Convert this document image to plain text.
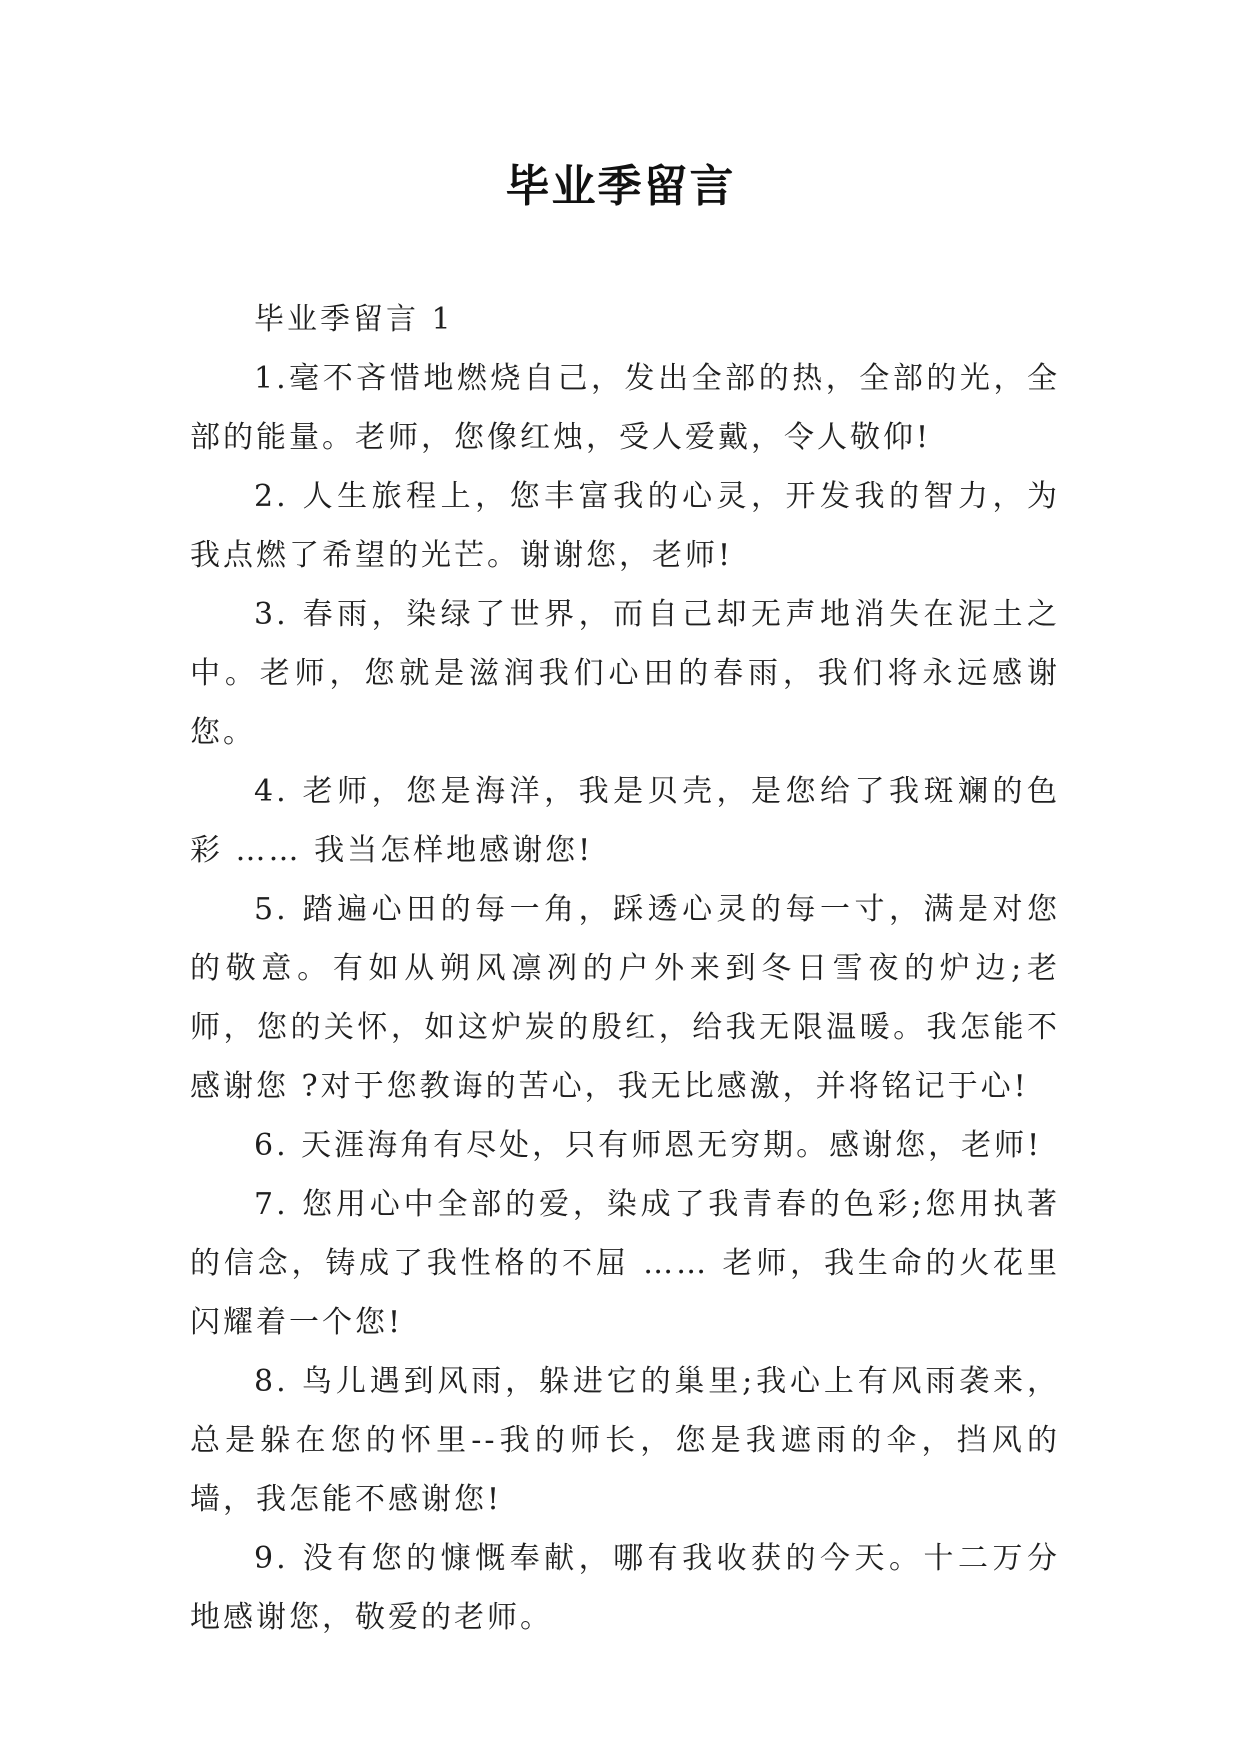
毕业季留言

毕业季留言 1

1.毫不吝惜地燃烧自己，发出全部的热，全部的光，全部的能量。老师，您像红烛，受人爱戴，令人敬仰!

2. 人生旅程上，您丰富我的心灵，开发我的智力，为我点燃了希望的光芒。谢谢您，老师!

3. 春雨，染绿了世界，而自己却无声地消失在泥土之中。老师，您就是滋润我们心田的春雨，我们将永远感谢您。

4. 老师，您是海洋，我是贝壳，是您给了我斑斓的色彩 …… 我当怎样地感谢您!

5. 踏遍心田的每一角，踩透心灵的每一寸，满是对您的敬意。有如从朔风凛冽的户外来到冬日雪夜的炉边;老师，您的关怀，如这炉炭的殷红，给我无限温暖。我怎能不感谢您 ?对于您教诲的苦心，我无比感激，并将铭记于心!

6. 天涯海角有尽处，只有师恩无穷期。感谢您，老师!

7. 您用心中全部的爱，染成了我青春的色彩;您用执著的信念，铸成了我性格的不屈 …… 老师，我生命的火花里闪耀着一个您!

8. 鸟儿遇到风雨，躲进它的巢里;我心上有风雨袭来，总是躲在您的怀里--我的师长，您是我遮雨的伞，挡风的墙，我怎能不感谢您!

9. 没有您的慷慨奉献，哪有我收获的今天。十二万分地感谢您，敬爱的老师。
